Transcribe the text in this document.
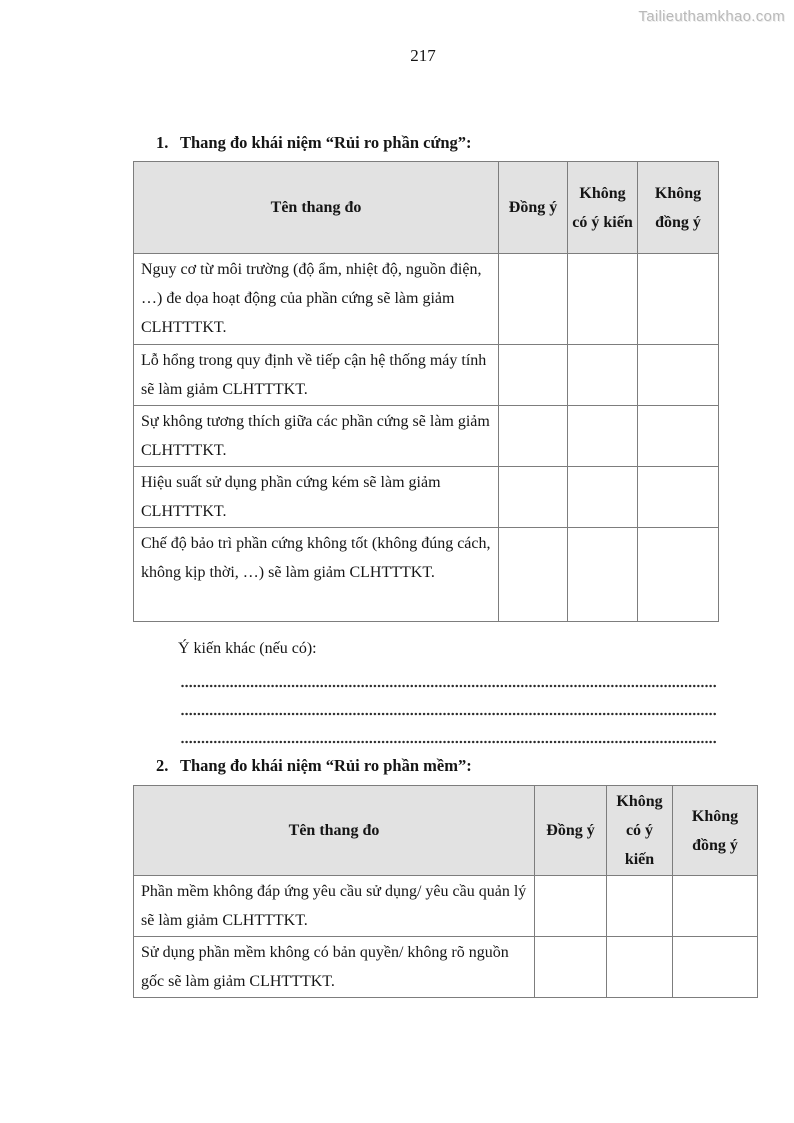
Tailieuthamkhao.com
217
1. Thang đo khái niệm “Rủi ro phần cứng”:
Tên thang đo	Đồng ý	Không có ý kiến	Không đồng ý
Nguy cơ từ môi trường (độ ẩm, nhiệt độ, nguồn điện, …) đe dọa hoạt động của phần cứng sẽ làm giảm CLHTTTKT.			
Lỗ hổng trong quy định về tiếp cận hệ thống máy tính sẽ làm giảm CLHTTTKT.			
Sự không tương thích giữa các phần cứng sẽ làm giảm CLHTTTKT.			
Hiệu suất sử dụng phần cứng kém sẽ làm giảm CLHTTTKT.			
Chế độ bảo trì phần cứng không tốt (không đúng cách, không kịp thời, …) sẽ làm giảm CLHTTTKT.			
Ý kiến khác (nếu có):
2. Thang đo khái niệm “Rủi ro phần mềm”:
Tên thang đo	Đồng ý	Không có ý kiến	Không đồng ý
Phần mềm không đáp ứng yêu cầu sử dụng/ yêu cầu quản lý sẽ làm giảm CLHTTTKT.			
Sử dụng phần mềm không có bản quyền/ không rõ nguồn gốc sẽ làm giảm CLHTTTKT.			
